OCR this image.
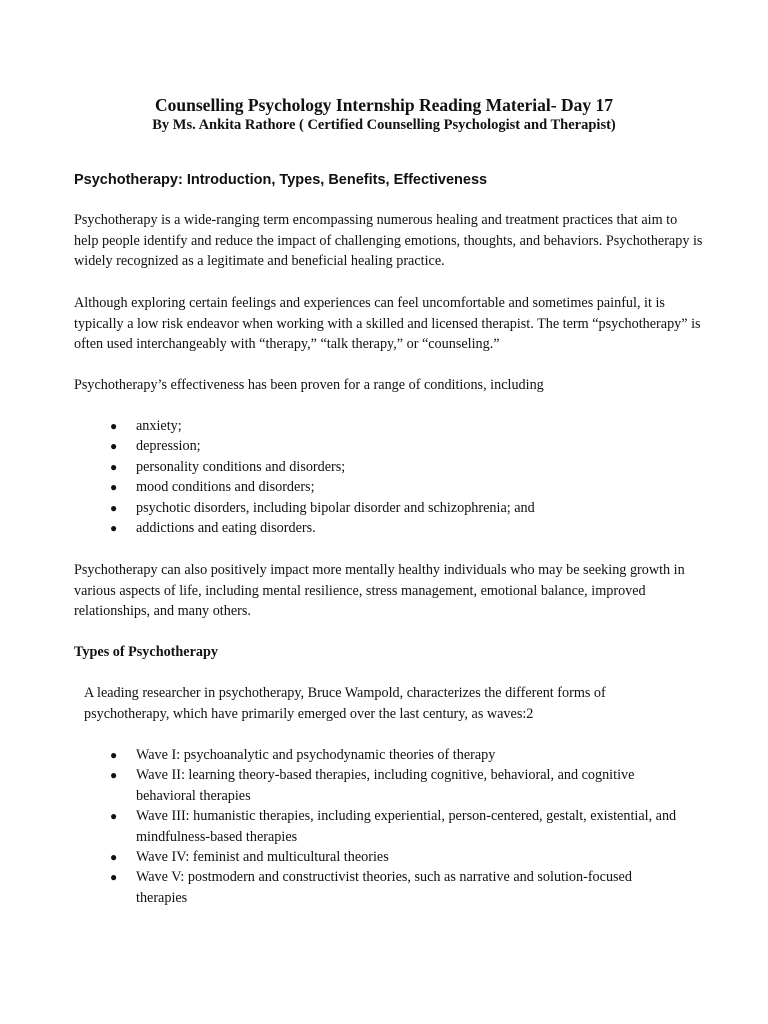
Counselling Psychology Internship Reading Material- Day 17
By Ms. Ankita Rathore ( Certified Counselling Psychologist and Therapist)
Psychotherapy: Introduction, Types, Benefits, Effectiveness

Psychotherapy is a wide-ranging term encompassing numerous healing and treatment practices that aim to help people identify and reduce the impact of challenging emotions, thoughts, and behaviors. Psychotherapy is widely recognized as a legitimate and beneficial healing practice.

Although exploring certain feelings and experiences can feel uncomfortable and sometimes painful, it is typically a low risk endeavor when working with a skilled and licensed therapist. The term “psychotherapy” is often used interchangeably with “therapy,” “talk therapy,” or “counseling.”

Psychotherapy’s effectiveness has been proven for a range of conditions, including

● anxiety;
● depression;
● personality conditions and disorders;
● mood conditions and disorders;
● psychotic disorders, including bipolar disorder and schizophrenia; and
● addictions and eating disorders.

Psychotherapy can also positively impact more mentally healthy individuals who may be seeking growth in various aspects of life, including mental resilience, stress management, emotional balance, improved relationships, and many others.

Types of Psychotherapy

A leading researcher in psychotherapy, Bruce Wampold, characterizes the different forms of psychotherapy, which have primarily emerged over the last century, as waves:2

● Wave I: psychoanalytic and psychodynamic theories of therapy
● Wave II: learning theory-based therapies, including cognitive, behavioral, and cognitive behavioral therapies
● Wave III: humanistic therapies, including experiential, person-centered, gestalt, existential, and mindfulness-based therapies
● Wave IV: feminist and multicultural theories
● Wave V: postmodern and constructivist theories, such as narrative and solution-focused therapies
